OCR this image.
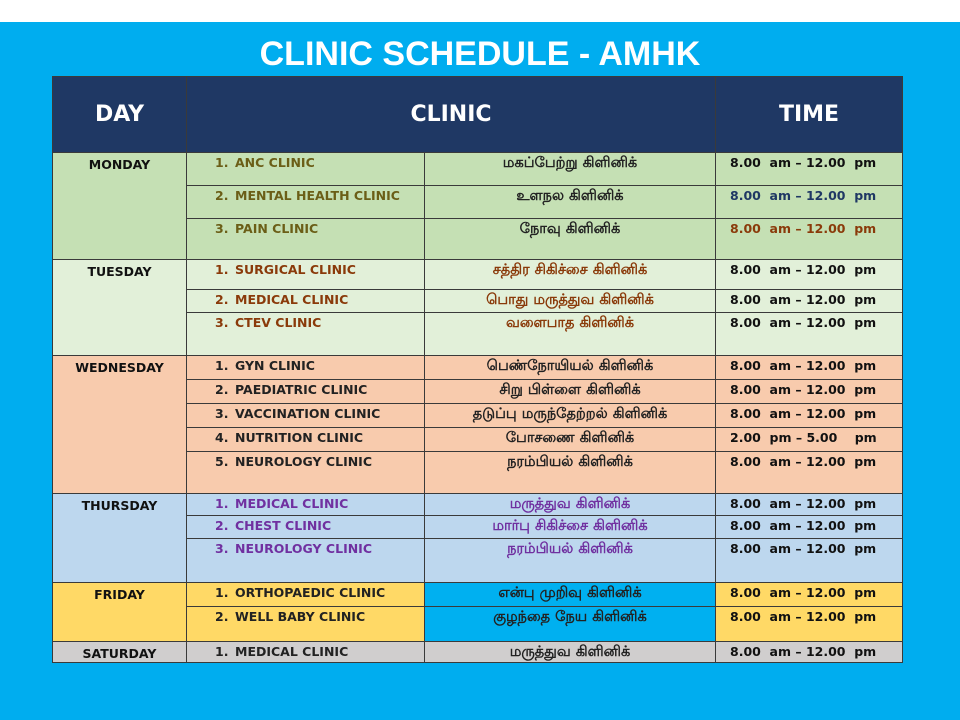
CLINIC SCHEDULE - AMHK
DAY	CLINIC		TIME
MONDAY	1. ANC CLINIC	மகப்பேற்று கிளினிக்	8.00  am – 12.00  pm
	2. MENTAL HEALTH CLINIC	உளநல கிளினிக்	8.00  am – 12.00  pm
	3. PAIN CLINIC	நோவு கிளினிக்	8.00  am – 12.00  pm
TUESDAY	1. SURGICAL CLINIC	சத்திர சிகிச்சை கிளினிக்	8.00  am – 12.00  pm
	2. MEDICAL CLINIC	பொது மருத்துவ கிளினிக்	8.00  am – 12.00  pm
	3. CTEV CLINIC	வளைபாத கிளினிக்	8.00  am – 12.00  pm
WEDNESDAY	1. GYN CLINIC	பெண்நோயியல் கிளினிக்	8.00  am – 12.00  pm
	2. PAEDIATRIC CLINIC	சிறு பிள்ளை கிளினிக்	8.00  am – 12.00  pm
	3. VACCINATION CLINIC	தடுப்பு மருந்தேற்றல் கிளினிக்	8.00  am – 12.00  pm
	4. NUTRITION CLINIC	போசணை கிளினிக்	2.00  pm – 5.00    pm
	5. NEUROLOGY CLINIC	நரம்பியல் கிளினிக்	8.00  am – 12.00  pm
THURSDAY	1. MEDICAL CLINIC	மருத்துவ கிளினிக்	8.00  am – 12.00  pm
	2. CHEST CLINIC	மார்பு சிகிச்சை கிளினிக்	8.00  am – 12.00  pm
	3. NEUROLOGY CLINIC	நரம்பியல் கிளினிக்	8.00  am – 12.00  pm
FRIDAY	1. ORTHOPAEDIC CLINIC	என்பு முறிவு கிளினிக்	8.00  am – 12.00  pm
	2. WELL BABY CLINIC	குழந்தை நேய கிளினிக்	8.00  am – 12.00  pm
SATURDAY	1. MEDICAL CLINIC	மருத்துவ கிளினிக்	8.00  am – 12.00  pm
